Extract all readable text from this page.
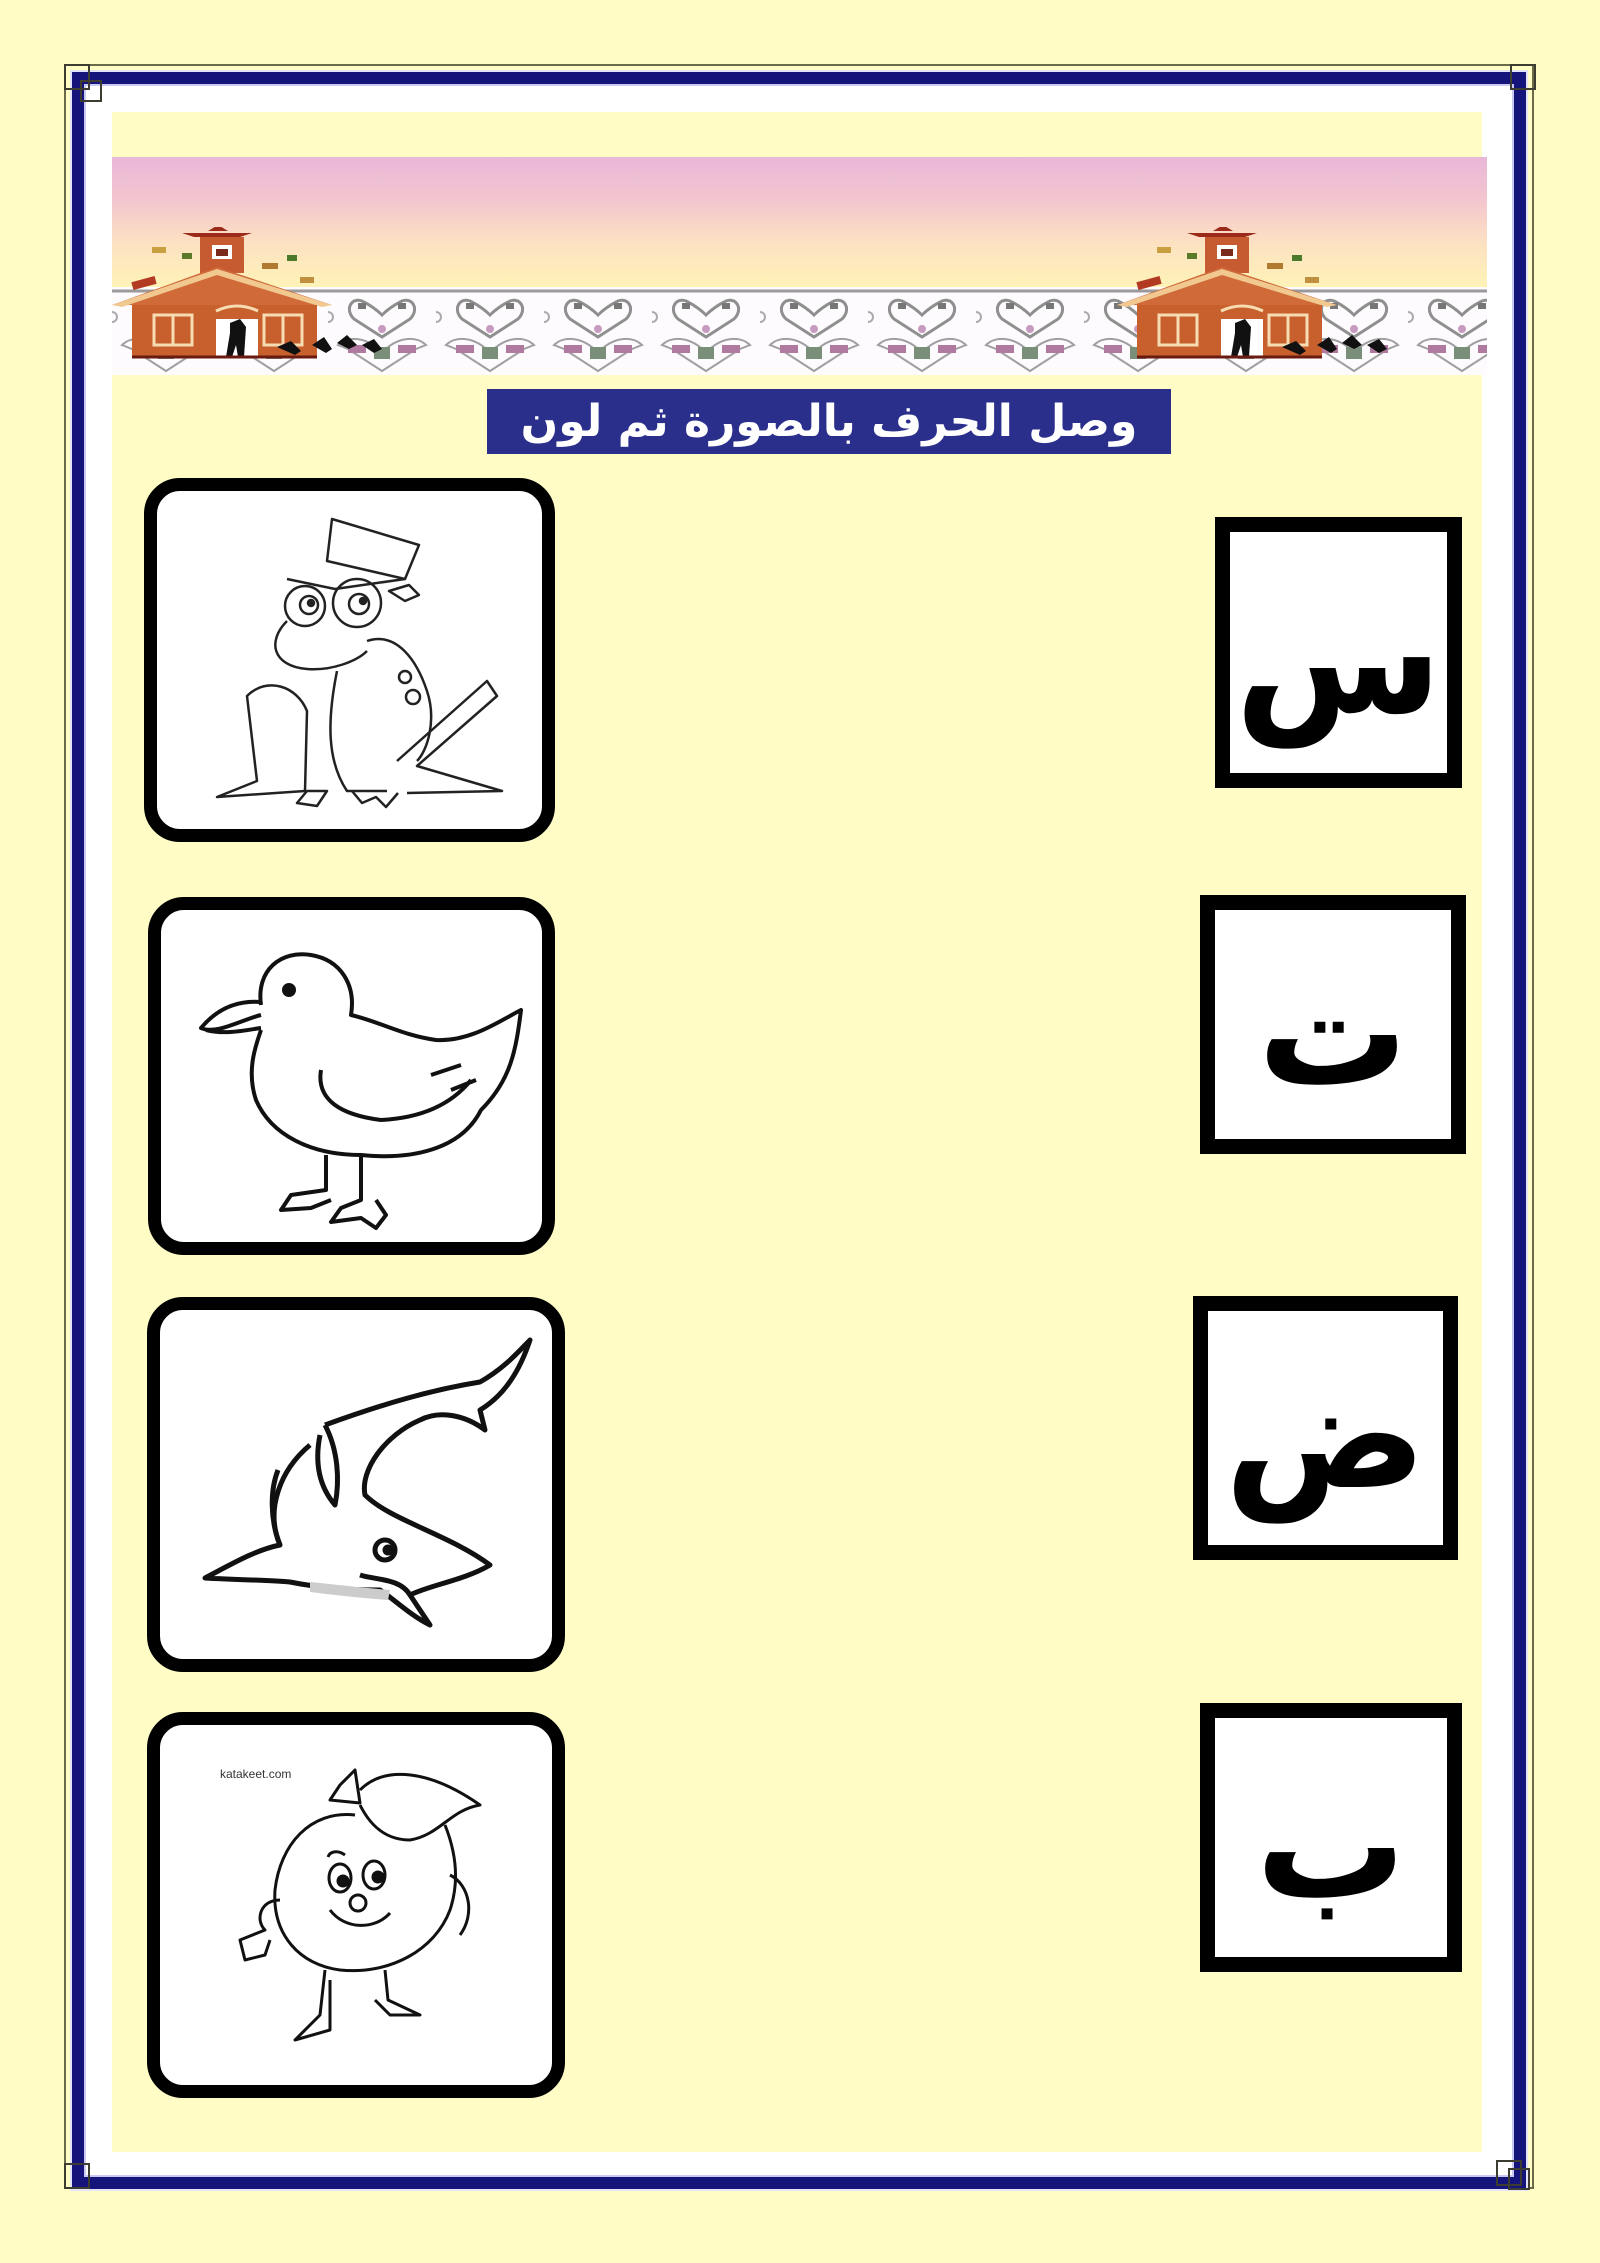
وصل الحرف بالصورة ثم لون
katakeet.com
س
ت
ض
ب
